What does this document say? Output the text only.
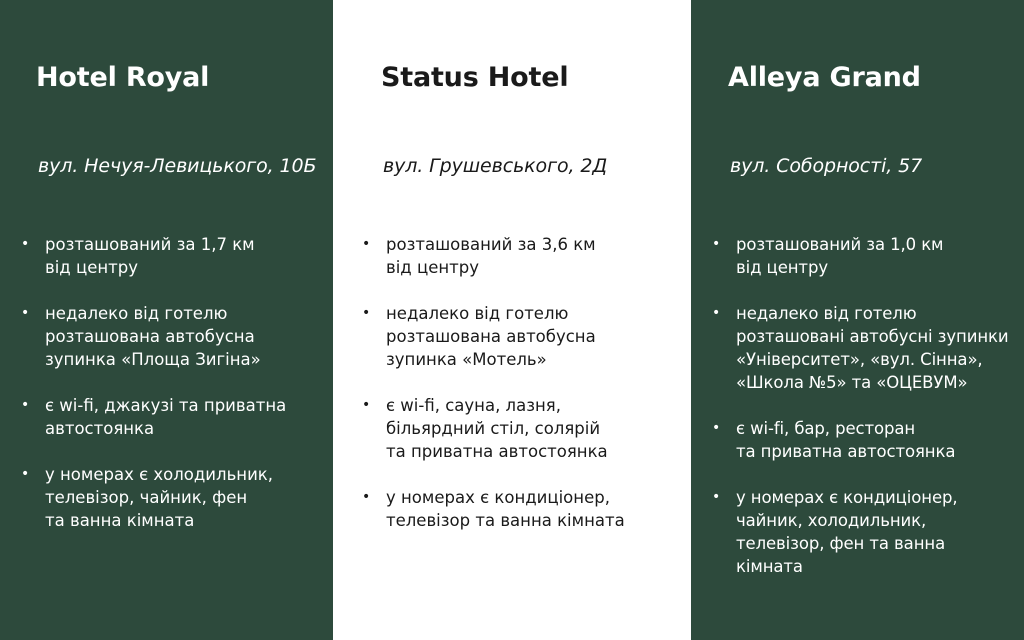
Hotel Royal
вул. Нечуя-Левицького, 10Б
• розташований за 1,7 км
від центру
• недалеко від готелю
розташована автобусна
зупинка «Площа Зигіна»
• є wi-fi, джакузі та приватна
автостоянка
• у номерах є холодильник,
телевізор, чайник, фен
та ванна кімната
Status Hotel
вул. Грушевського, 2Д
• розташований за 3,6 км
від центру
• недалеко від готелю
розташована автобусна
зупинка «Мотель»
• є wi-fi, сауна, лазня,
більярдний стіл, солярій
та приватна автостоянка
• у номерах є кондиціонер,
телевізор та ванна кімната
Alleya Grand
вул. Соборності, 57
• розташований за 1,0 км
від центру
• недалеко від готелю
розташовані автобусні зупинки
«Університет», «вул. Сінна»,
«Школа №5» та «ОЦЕВУМ»
• є wi-fi, бар, ресторан
та приватна автостоянка
• у номерах є кондиціонер,
чайник, холодильник,
телевізор, фен та ванна
кімната
